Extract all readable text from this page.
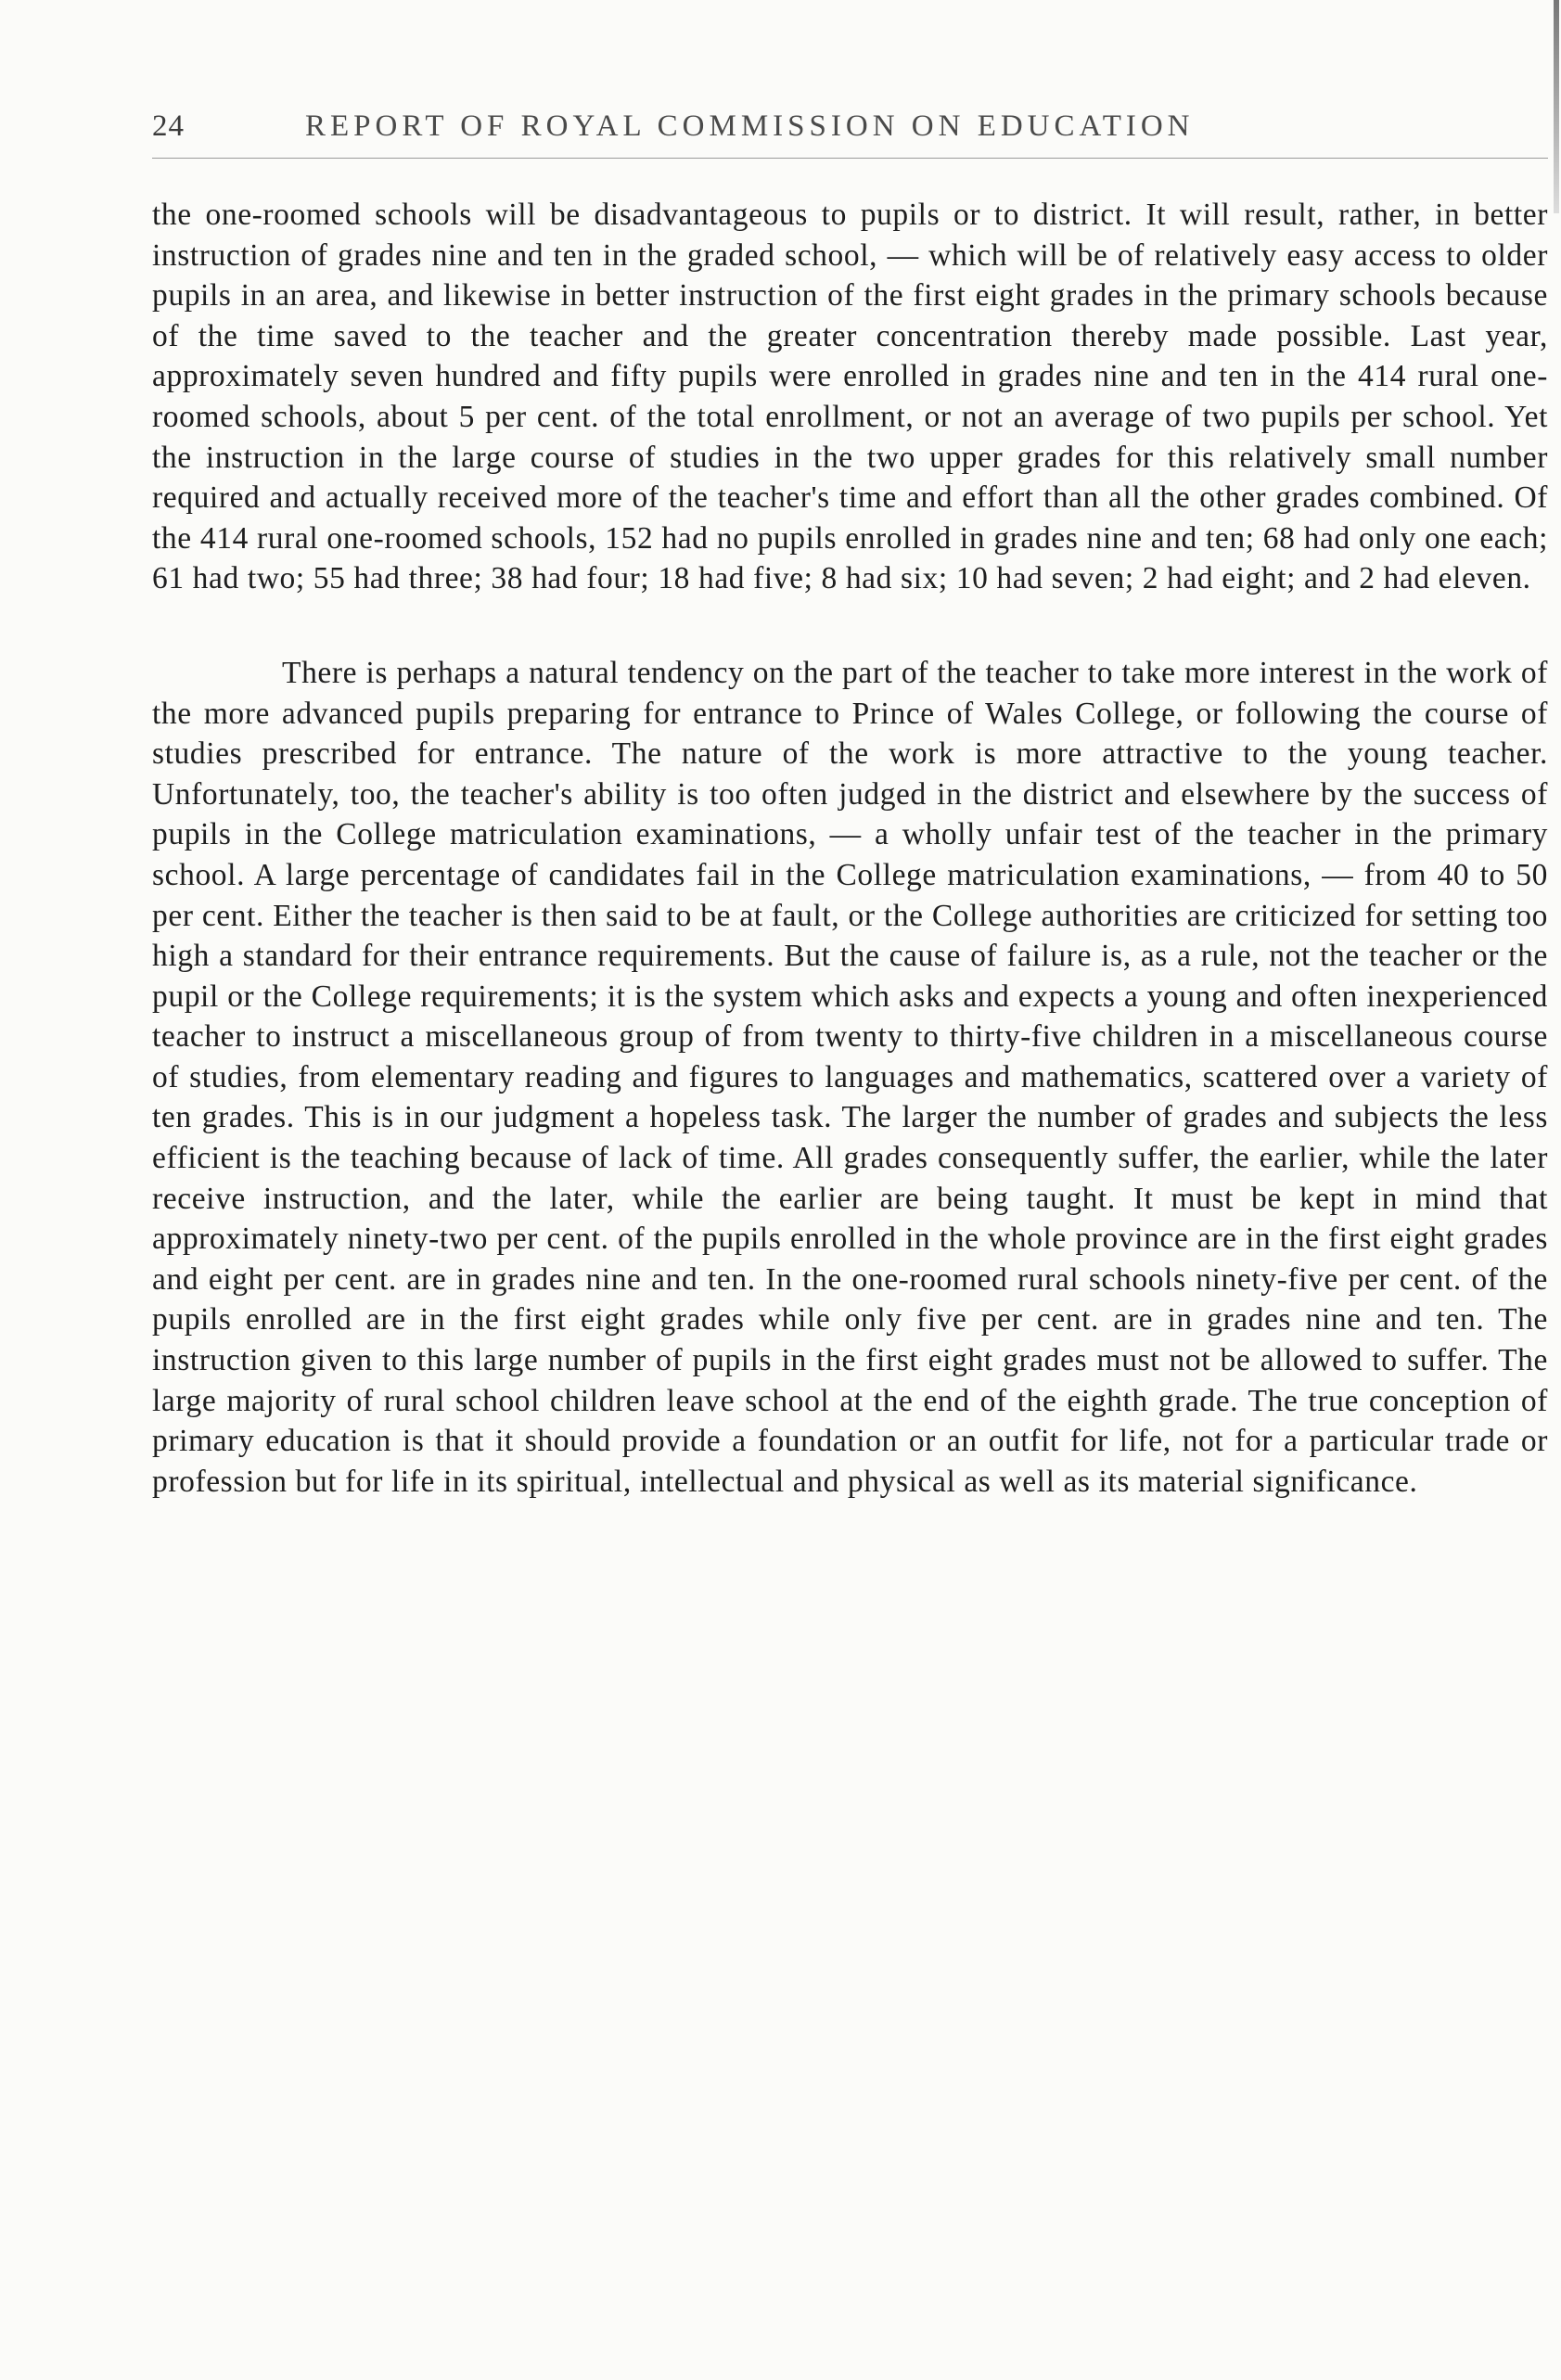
24	REPORT OF ROYAL COMMISSION ON EDUCATION

the one-roomed schools will be disadvantageous to pupils or to district. It will result, rather, in better instruction of grades nine and ten in the graded school, — which will be of relatively easy access to older pupils in an area, and likewise in better instruction of the first eight grades in the primary schools because of the time saved to the teacher and the greater concentration thereby made possible. Last year, approximately seven hundred and fifty pupils were enrolled in grades nine and ten in the 414 rural one-roomed schools, about 5 per cent. of the total enrollment, or not an average of two pupils per school. Yet the instruction in the large course of studies in the two upper grades for this relatively small number required and actually received more of the teacher's time and effort than all the other grades combined. Of the 414 rural one-roomed schools, 152 had no pupils enrolled in grades nine and ten; 68 had only one each; 61 had two; 55 had three; 38 had four; 18 had five; 8 had six; 10 had seven; 2 had eight; and 2 had eleven.

There is perhaps a natural tendency on the part of the teacher to take more interest in the work of the more advanced pupils preparing for entrance to Prince of Wales College, or following the course of studies prescribed for entrance. The nature of the work is more attractive to the young teacher. Unfortunately, too, the teacher's ability is too often judged in the district and elsewhere by the success of pupils in the College matriculation examinations, — a wholly unfair test of the teacher in the primary school. A large percentage of candidates fail in the College matriculation examinations, — from 40 to 50 per cent. Either the teacher is then said to be at fault, or the College authorities are criticized for setting too high a standard for their entrance requirements. But the cause of failure is, as a rule, not the teacher or the pupil or the College requirements; it is the system which asks and expects a young and often inexperienced teacher to instruct a miscellaneous group of from twenty to thirty-five children in a miscellaneous course of studies, from elementary reading and figures to languages and mathematics, scattered over a variety of ten grades. This is in our judgment a hopeless task. The larger the number of grades and subjects the less efficient is the teaching because of lack of time. All grades consequently suffer, the earlier, while the later receive instruction, and the later, while the earlier are being taught. It must be kept in mind that approximately ninety-two per cent. of the pupils enrolled in the whole province are in the first eight grades and eight per cent. are in grades nine and ten. In the one-roomed rural schools ninety-five per cent. of the pupils enrolled are in the first eight grades while only five per cent. are in grades nine and ten. The instruction given to this large number of pupils in the first eight grades must not be allowed to suffer. The large majority of rural school children leave school at the end of the eighth grade. The true conception of primary education is that it should provide a foundation or an outfit for life, not for a particular trade or profession but for life in its spiritual, intellectual and physical as well as its material significance.
